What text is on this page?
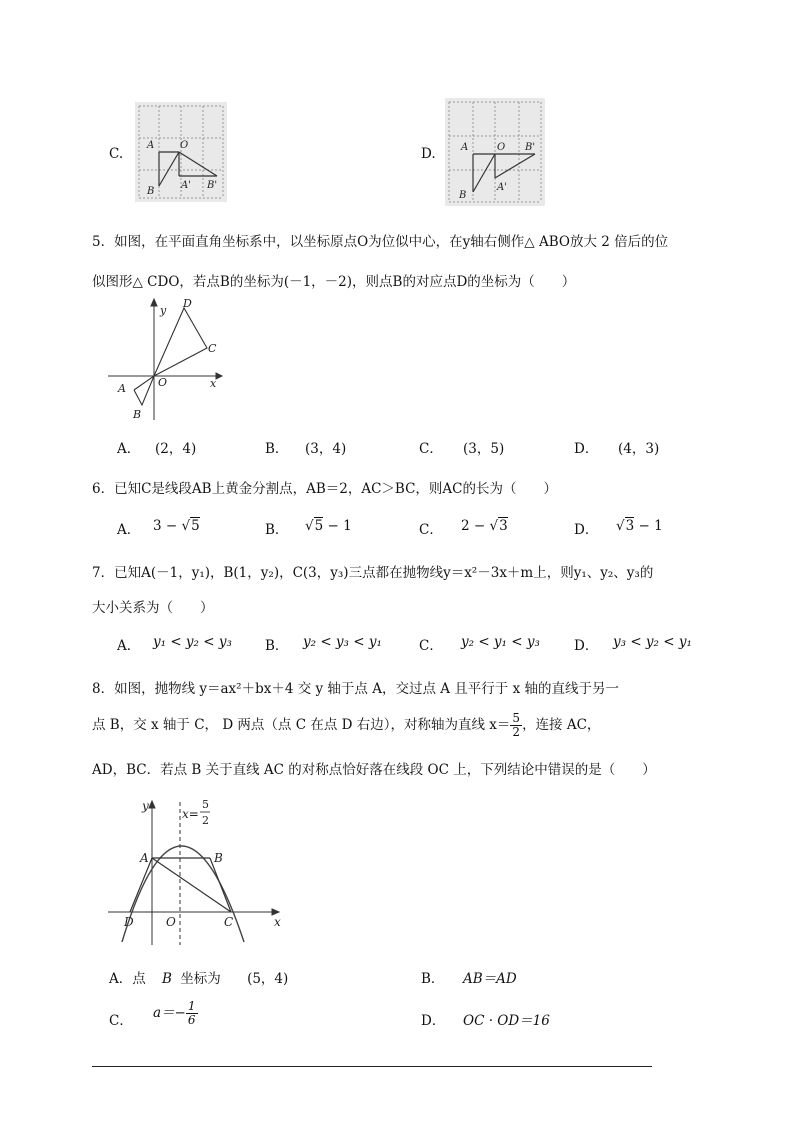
C.
A	O
B
A' B'
D.	A	O
B
A'
B'
5．如图，在平面直角坐标系中，以坐标原点O为位似中心，在y轴右侧作△ ABO放大 2 倍后的位
似图形△ CDO，若点B的坐标为(－1，－2)，则点B的对应点D的坐标为（　　）
D
y
C
A	O	x
B
A． (2，4)	B． (3，4)	C． (3，5)	D． (4，3)
6．已知C是线段AB上黄金分割点，AB＝2，AC＞BC，则AC的长为（　　）
A． 3 − √5	B． √5 − 1	C． 2 − √3	D． √3 − 1
7．已知A(－1，y₁)，B(1，y₂)，C(3，y₃)三点都在抛物线y＝x²－3x＋m上，则y₁、y₂、y₃的
大小关系为（　　）
A． y₁ < y₂ < y₃ B． y₂ < y₃ < y₁	C． y₂ < y₁ < y₃	D． y₃ < y₂ < y₁
8．如图，抛物线 y＝ax²＋bx＋4 交 y 轴于点 A，交过点 A 且平行于 x 轴的直线于另一
点 B，交 x 轴于 C， D 两点（点 C 在点 D 右边），对称轴为直线 $x= \frac{5}{2}$ ，连接 AC，
AD，BC．若点 B 关于直线 AC 的对称点恰好落在线段 OC 上，下列结论中错误的是（　　）
y
x=
A	B
D	O	C	x
5
2
A．点 B 坐标为 (5，4)	B． AB＝AD
C． $a=- \frac{1}{6}$	D． OC · OD＝16
